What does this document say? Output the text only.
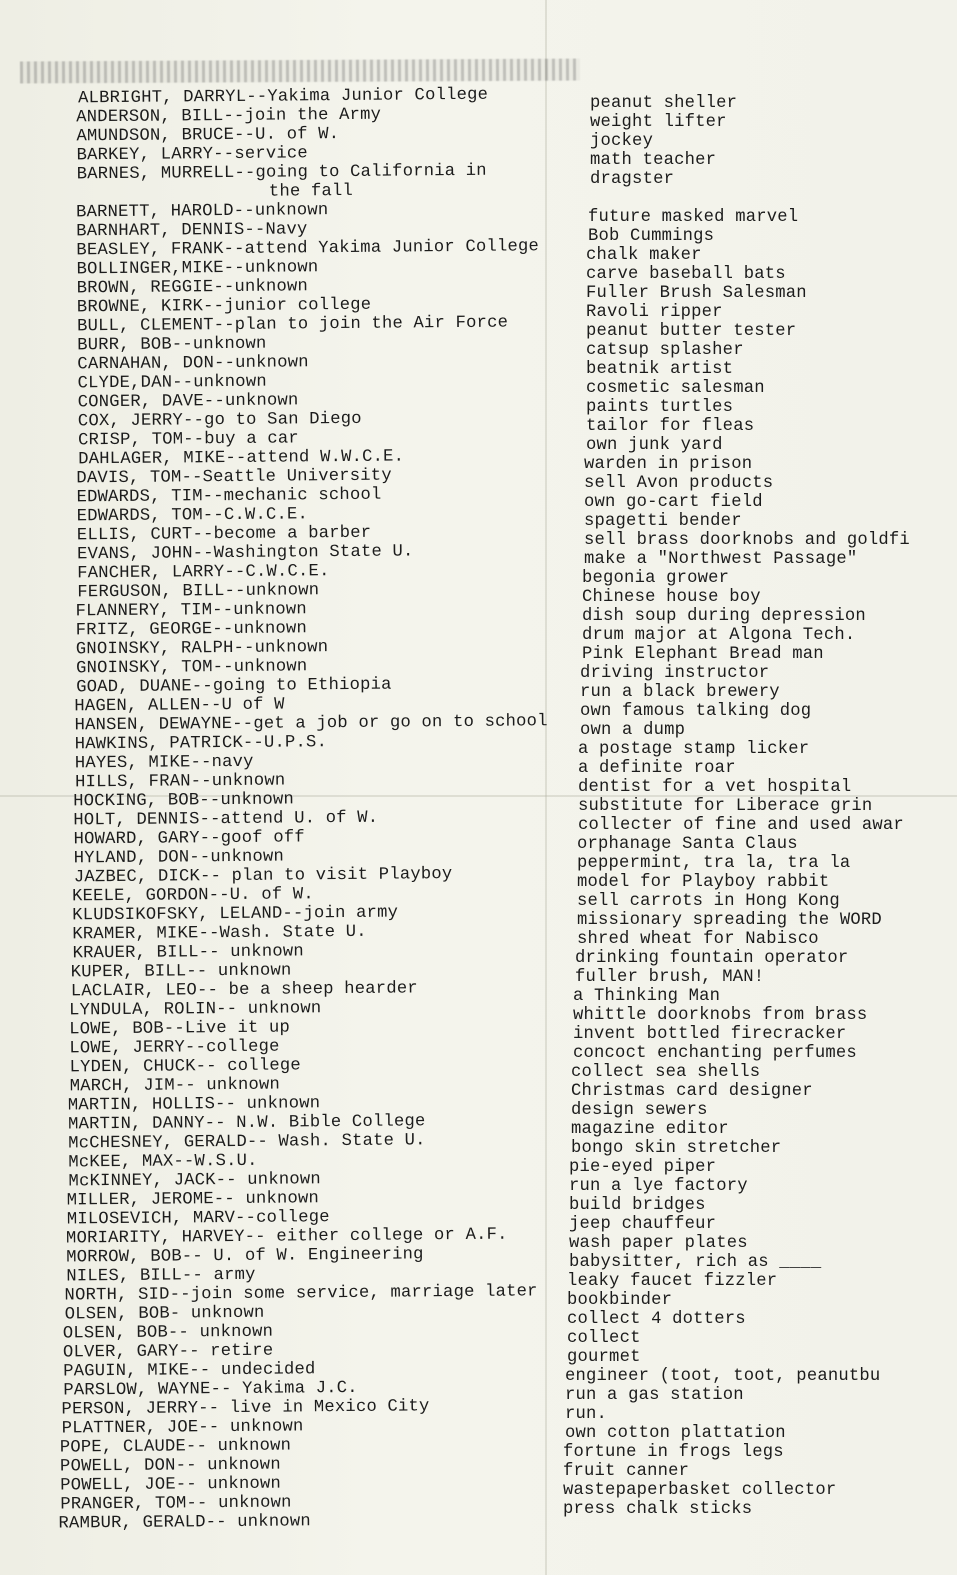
ALBRIGHT, DARRYL--Yakima Junior College
ANDERSON, BILL--join the Army
AMUNDSON, BRUCE--U. of W.
BARKEY, LARRY--service
BARNES, MURRELL--going to California in
the fall
BARNETT, HAROLD--unknown
BARNHART, DENNIS--Navy
BEASLEY, FRANK--attend Yakima Junior College
BOLLINGER,MIKE--unknown
BROWN, REGGIE--unknown
BROWNE, KIRK--junior college
BULL, CLEMENT--plan to join the Air Force
BURR, BOB--unknown
CARNAHAN, DON--unknown
CLYDE,DAN--unknown
CONGER, DAVE--unknown
COX, JERRY--go to San Diego
CRISP, TOM--buy a car
DAHLAGER, MIKE--attend W.W.C.E.
DAVIS, TOM--Seattle University
EDWARDS, TIM--mechanic school
EDWARDS, TOM--C.W.C.E.
ELLIS, CURT--become a barber
EVANS, JOHN--Washington State U.
FANCHER, LARRY--C.W.C.E.
FERGUSON, BILL--unknown
FLANNERY, TIM--unknown
FRITZ, GEORGE--unknown
GNOINSKY, RALPH--unknown
GNOINSKY, TOM--unknown
GOAD, DUANE--going to Ethiopia
HAGEN, ALLEN--U of W
HANSEN, DEWAYNE--get a job or go on to school
HAWKINS, PATRICK--U.P.S.
HAYES, MIKE--navy
HILLS, FRAN--unknown
HOCKING, BOB--unknown
HOLT, DENNIS--attend U. of W.
HOWARD, GARY--goof off
HYLAND, DON--unknown
JAZBEC, DICK-- plan to visit Playboy
KEELE, GORDON--U. of W.
KLUDSIKOFSKY, LELAND--join army
KRAMER, MIKE--Wash. State U.
KRAUER, BILL-- unknown
KUPER, BILL-- unknown
LACLAIR, LEO-- be a sheep hearder
LYNDULA, ROLIN-- unknown
LOWE, BOB--Live it up
LOWE, JERRY--college
LYDEN, CHUCK-- college
MARCH, JIM-- unknown
MARTIN, HOLLIS-- unknown
MARTIN, DANNY-- N.W. Bible College
McCHESNEY, GERALD-- Wash. State U.
McKEE, MAX--W.S.U.
McKINNEY, JACK-- unknown
MILLER, JEROME-- unknown
MILOSEVICH, MARV--college
MORIARITY, HARVEY-- either college or A.F.
MORROW, BOB-- U. of W. Engineering
NILES, BILL-- army
NORTH, SID--join some service, marriage later
OLSEN, BOB- unknown
OLSEN, BOB-- unknown
OLVER, GARY-- retire
PAGUIN, MIKE-- undecided
PARSLOW, WAYNE-- Yakima J.C.
PERSON, JERRY-- live in Mexico City
PLATTNER, JOE-- unknown
POPE, CLAUDE-- unknown
POWELL, DON-- unknown
POWELL, JOE-- unknown
PRANGER, TOM-- unknown
RAMBUR, GERALD-- unknown
peanut sheller
weight lifter
jockey
math teacher
dragster
future masked marvel
Bob Cummings
chalk maker
carve baseball bats
Fuller Brush Salesman
Ravoli ripper
peanut butter tester
catsup splasher
beatnik artist
cosmetic salesman
paints turtles
tailor for fleas
own junk yard
warden in prison
sell Avon products
own go-cart field
spagetti bender
sell brass doorknobs and goldfi
make a "Northwest Passage"
begonia grower
Chinese house boy
dish soup during depression
drum major at Algona Tech.
Pink Elephant Bread man
driving instructor
run a black brewery
own famous talking dog
own a dump
a postage stamp licker
a definite roar
dentist for a vet hospital
substitute for Liberace grin
collecter of fine and used awar
orphanage Santa Claus
peppermint, tra la, tra la
model for Playboy rabbit
sell carrots in Hong Kong
missionary spreading the WORD
shred wheat for Nabisco
drinking fountain operator
fuller brush, MAN!
a Thinking Man
whittle doorknobs from brass
invent bottled firecracker
concoct enchanting perfumes
collect sea shells
Christmas card designer
design sewers
magazine editor
bongo skin stretcher
pie-eyed piper
run a lye factory
build bridges
jeep chauffeur
wash paper plates
babysitter, rich as ____
leaky faucet fizzler
bookbinder
collect 4 dotters
collect
gourmet
engineer (toot, toot, peanutbu
run a gas station
run.
own cotton plattation
fortune in frogs legs
fruit canner
wastepaperbasket collector
press chalk sticks
